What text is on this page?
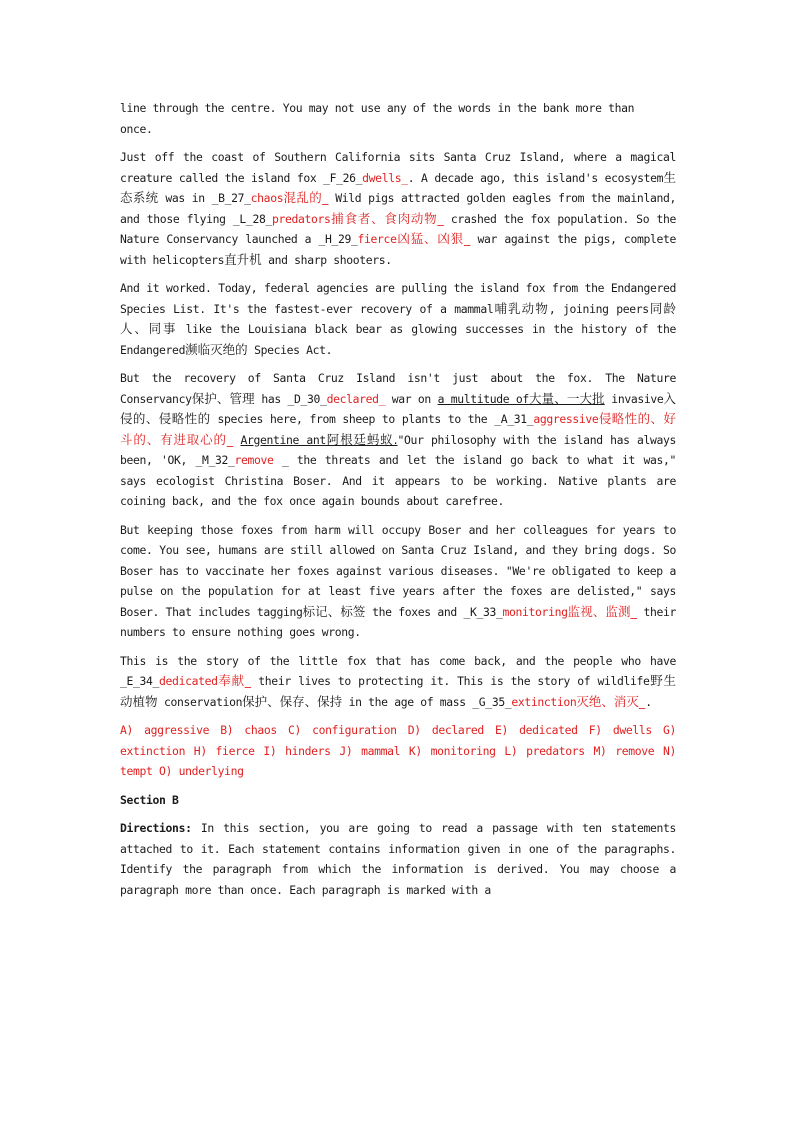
line through the centre. You may not use any of the words in the bank more than
once.

Just off the coast of Southern California sits Santa Cruz Island, where a magical creature called the island fox _F_26_dwells_. A decade ago, this island's ecosystem生态系统 was in _B_27_chaos混乱的_ Wild pigs attracted golden eagles from the mainland, and those flying _L_28_predators捕食者、食肉动物_ crashed the fox population. So the Nature Conservancy launched a _H_29_fierce凶猛、凶狠_ war against the pigs, complete with helicopters直升机 and sharp shooters.

And it worked. Today, federal agencies are pulling the island fox from the Endangered Species List. It's the fastest-ever recovery of a mammal哺乳动物, joining peers同龄人、同事 like the Louisiana black bear as glowing successes in the history of the Endangered濒临灭绝的 Species Act.

But the recovery of Santa Cruz Island isn't just about the fox. The Nature Conservancy保护、管理 has _D_30_declared_ war on a multitude of大量、一大批 invasive入侵的、侵略性的 species here, from sheep to plants to the _A_31_aggressive侵略性的、好斗的、有进取心的_ Argentine ant阿根廷蚂蚁."Our philosophy with the island has always been, 'OK, _M_32_remove _ the threats and let the island go back to what it was," says ecologist Christina Boser. And it appears to be working. Native plants are coining back, and the fox once again bounds about carefree.

But keeping those foxes from harm will occupy Boser and her colleagues for years to come. You see, humans are still allowed on Santa Cruz Island, and they bring dogs. So Boser has to vaccinate her foxes against various diseases. "We're obligated to keep a pulse on the population for at least five years after the foxes are delisted," says Boser. That includes tagging标记、标签 the foxes and _K_33_monitoring监视、监测_ their numbers to ensure nothing goes wrong.

This is the story of the little fox that has come back, and the people who have _E_34_dedicated奉献_ their lives to protecting it. This is the story of wildlife野生动植物 conservation保护、保存、保持 in the age of mass _G_35_extinction灭绝、消灭_.

A) aggressive B) chaos C) configuration D) declared E) dedicated F) dwells G) extinction H) fierce I) hinders J) mammal K) monitoring L) predators M) remove N) tempt O) underlying

Section B

Directions: In this section, you are going to read a passage with ten statements attached to it. Each statement contains information given in one of the paragraphs. Identify the paragraph from which the information is derived. You may choose a paragraph more than once. Each paragraph is marked with a
